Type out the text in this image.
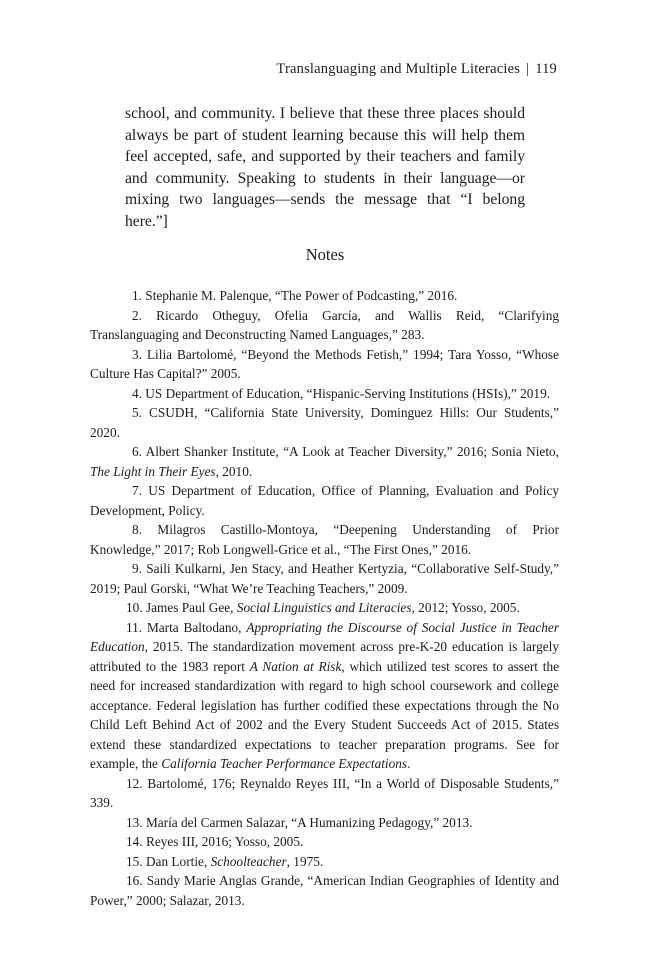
Translanguaging and Multiple Literacies | 119
school, and community. I believe that these three places should always be part of student learning because this will help them feel accepted, safe, and supported by their teachers and family and community. Speaking to students in their language—or mixing two languages—sends the message that “I belong here.”]
Notes

1. Stephanie M. Palenque, “The Power of Podcasting,” 2016.

2. Ricardo Otheguy, Ofelia García, and Wallis Reid, “Clarifying Translanguaging and Deconstructing Named Languages,” 283.

3. Lilia Bartolomé, “Beyond the Methods Fetish,” 1994; Tara Yosso, “Whose Culture Has Capital?” 2005.

4. US Department of Education, “Hispanic-Serving Institutions (HSIs),” 2019.

5. CSUDH, “California State University, Dominguez Hills: Our Students,” 2020.

6. Albert Shanker Institute, “A Look at Teacher Diversity,” 2016; Sonia Nieto, The Light in Their Eyes, 2010.

7. US Department of Education, Office of Planning, Evaluation and Policy Development, Policy.

8. Milagros Castillo-Montoya, “Deepening Understanding of Prior Knowledge,” 2017; Rob Longwell-Grice et al., “The First Ones,” 2016.

9. Saili Kulkarni, Jen Stacy, and Heather Kertyzia, “Collaborative Self-Study,” 2019; Paul Gorski, “What We’re Teaching Teachers,” 2009.

10. James Paul Gee, Social Linguistics and Literacies, 2012; Yosso, 2005.

11. Marta Baltodano, Appropriating the Discourse of Social Justice in Teacher Education, 2015. The standardization movement across pre-K-20 education is largely attributed to the 1983 report A Nation at Risk, which utilized test scores to assert the need for increased standardization with regard to high school coursework and college acceptance. Federal legislation has further codified these expectations through the No Child Left Behind Act of 2002 and the Every Student Succeeds Act of 2015. States extend these standardized expectations to teacher preparation programs. See for example, the California Teacher Performance Expectations.

12. Bartolomé, 176; Reynaldo Reyes III, “In a World of Disposable Students,” 339.

13. María del Carmen Salazar, “A Humanizing Pedagogy,” 2013.

14. Reyes III, 2016; Yosso, 2005.

15. Dan Lortie, Schoolteacher, 1975.

16. Sandy Marie Anglas Grande, “American Indian Geographies of Identity and Power,” 2000; Salazar, 2013.
